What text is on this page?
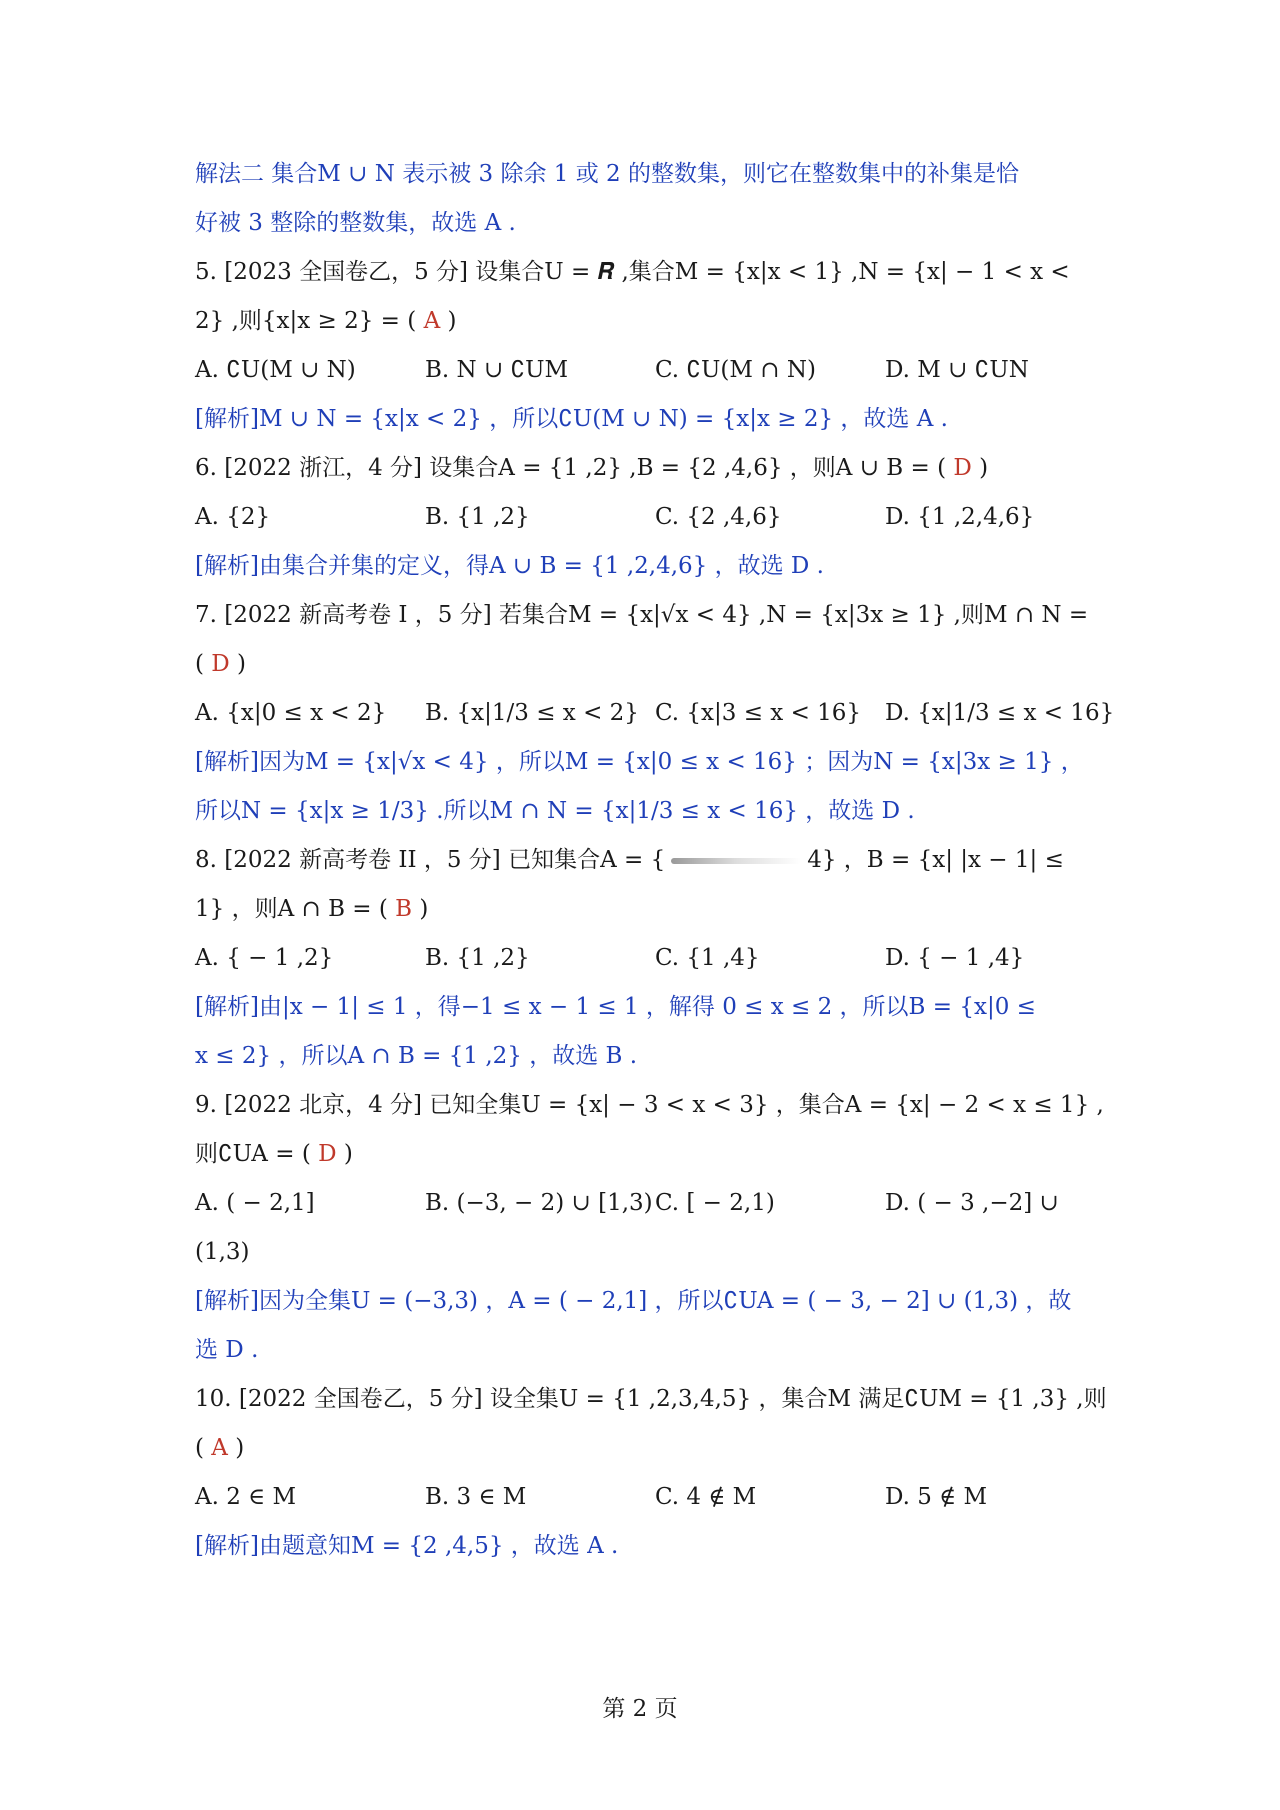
解法二 集合M ∪ N 表示被 3 除余 1 或 2 的整数集，则它在整数集中的补集是恰
好被 3 整除的整数集，故选 A .
5. [2023 全国卷乙，5 分] 设集合U = 𝑹 ,集合M = {x|x < 1} ,N = {x| − 1 < x <
2} ,则{x|x ≥ 2} = ( A )
A. ∁U(M ∪ N)	B. N ∪ ∁UM	C. ∁U(M ∩ N)	D. M ∪ ∁UN
[解析]M ∪ N = {x|x < 2} ，所以∁U(M ∪ N) = {x|x ≥ 2} ，故选 A .
6. [2022 浙江，4 分] 设集合A = {1 ,2} ,B = {2 ,4,6} ，则A ∪ B = ( D )
A. {2}	B. {1 ,2}	C. {2 ,4,6}	D. {1 ,2,4,6}
[解析]由集合并集的定义，得A ∪ B = {1 ,2,4,6} ，故选 D .
7. [2022 新高考卷 I ，5 分] 若集合M = {x|√x < 4} ,N = {x|3x ≥ 1} ,则M ∩ N =
( D )
A. {x|0 ≤ x < 2}	B. {x|1/3 ≤ x < 2} C. {x|3 ≤ x < 16}	D. {x|1/3 ≤ x < 16}
[解析]因为M = {x|√x < 4} ，所以M = {x|0 ≤ x < 16} ；因为N = {x|3x ≥ 1} ，
所以N = {x|x ≥ 1/3} .所以M ∩ N = {x|1/3 ≤ x < 16} ，故选 D .
8. [2022 新高考卷 II ，5 分] 已知集合A = {	4} ，B = {x| |x − 1| ≤
1} ，则A ∩ B = ( B )
A. { − 1 ,2}	B. {1 ,2}	C. {1 ,4}	D. { − 1 ,4}
[解析]由|x − 1| ≤ 1 ，得−1 ≤ x − 1 ≤ 1 ，解得 0 ≤ x ≤ 2 ，所以B = {x|0 ≤
x ≤ 2} ，所以A ∩ B = {1 ,2} ，故选 B .
9. [2022 北京，4 分] 已知全集U = {x| − 3 < x < 3} ，集合A = {x| − 2 < x ≤ 1} ,
则∁UA = ( D )
A. ( − 2,1]	B. (−3, − 2) ∪ [1,3) C. [ − 2,1)	D. ( − 3 ,−2] ∪
(1,3)
[解析]因为全集U = (−3,3) ，A = ( − 2,1] ，所以∁UA = ( − 3, − 2] ∪ (1,3) ，故
选 D .
10. [2022 全国卷乙，5 分] 设全集U = {1 ,2,3,4,5} ，集合M 满足∁UM = {1 ,3} ,则
( A )
A. 2 ∈ M	B. 3 ∈ M	C. 4 ∉ M	D. 5 ∉ M
[解析]由题意知M = {2 ,4,5} ，故选 A .
第 2 页
